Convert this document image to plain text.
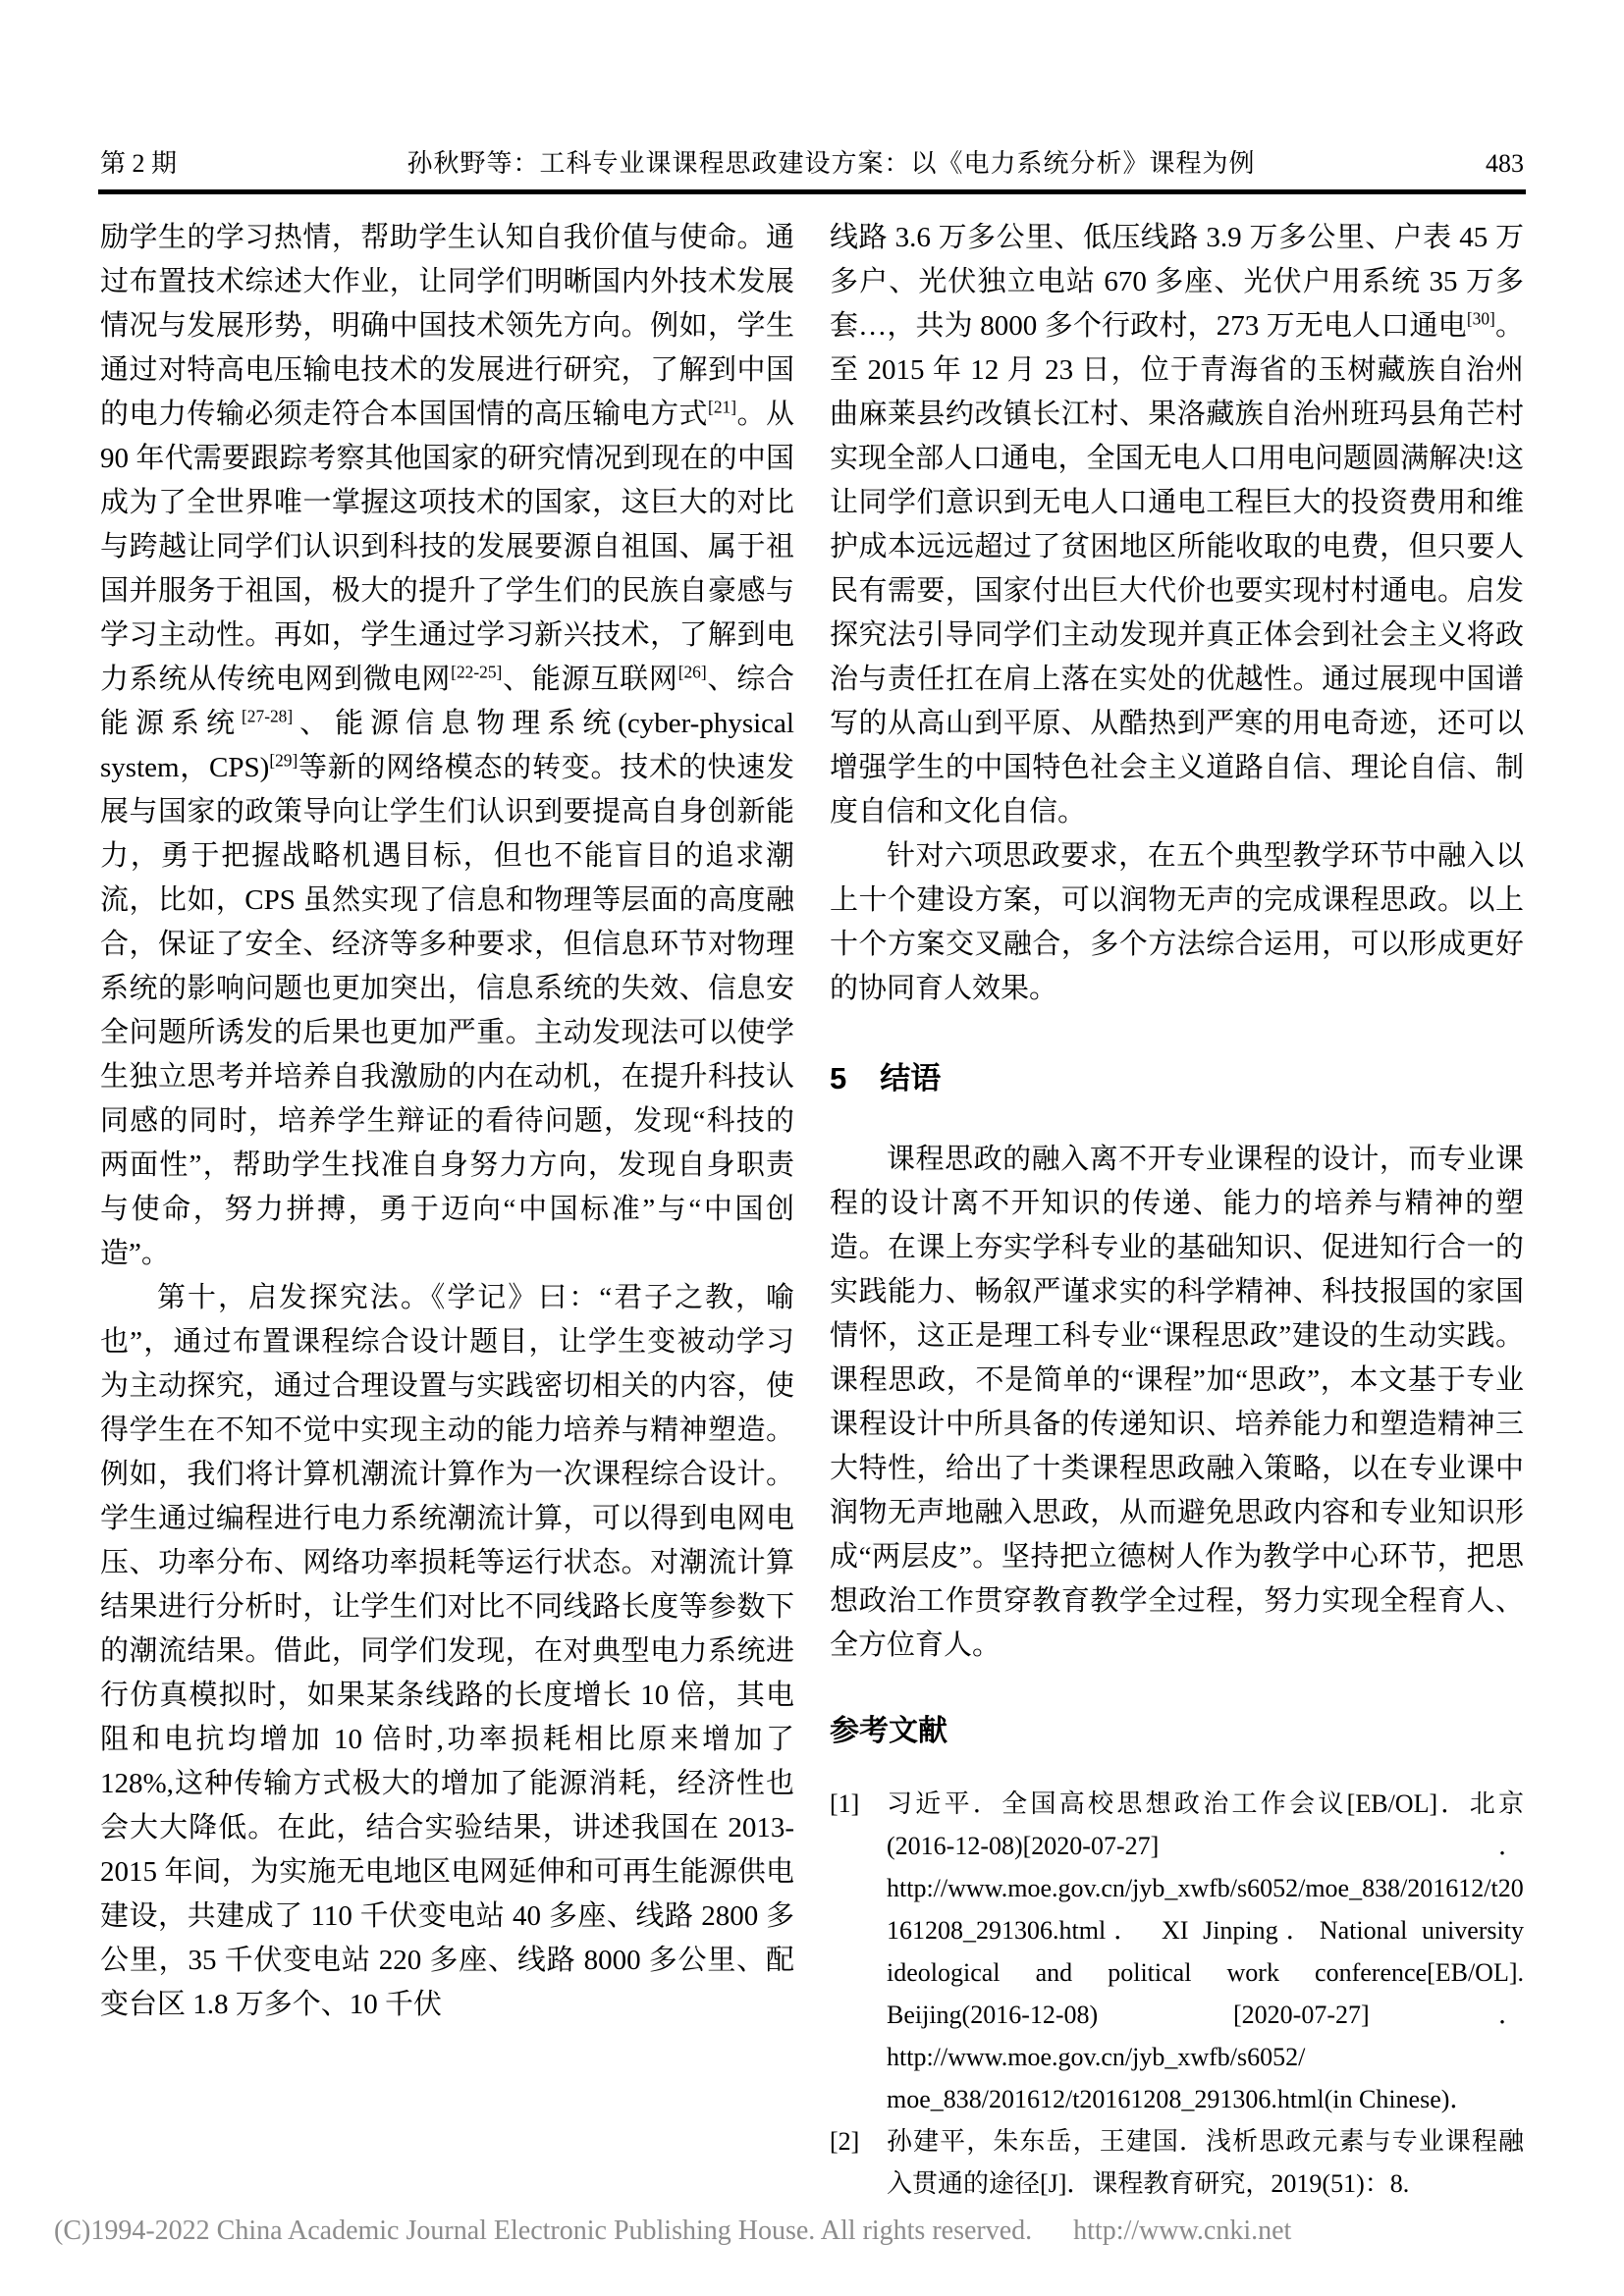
第 2 期	孙秋野等：工科专业课课程思政建设方案：以《电力系统分析》课程为例	483

励学生的学习热情，帮助学生认知自我价值与使命。通过布置技术综述大作业，让同学们明晰国内外技术发展情况与发展形势，明确中国技术领先方向。例如，学生通过对特高电压输电技术的发展进行研究，了解到中国的电力传输必须走符合本国国情的高压输电方式[21]。从 90 年代需要跟踪考察其他国家的研究情况到现在的中国成为了全世界唯一掌握这项技术的国家，这巨大的对比与跨越让同学们认识到科技的发展要源自祖国、属于祖国并服务于祖国，极大的提升了学生们的民族自豪感与学习主动性。再如，学生通过学习新兴技术，了解到电力系统从传统电网到微电网[22-25]、能源互联网[26]、综合能源系统[27-28]、能源信息物理系统(cyber-physical system，CPS)[29]等新的网络模态的转变。技术的快速发展与国家的政策导向让学生们认识到要提高自身创新能力，勇于把握战略机遇目标，但也不能盲目的追求潮流，比如，CPS 虽然实现了信息和物理等层面的高度融合，保证了安全、经济等多种要求，但信息环节对物理系统的影响问题也更加突出，信息系统的失效、信息安全问题所诱发的后果也更加严重。主动发现法可以使学生独立思考并培养自我激励的内在动机，在提升科技认同感的同时，培养学生辩证的看待问题，发现“科技的两面性”，帮助学生找准自身努力方向，发现自身职责与使命，努力拼搏，勇于迈向“中国标准”与“中国创造”。

第十，启发探究法。《学记》曰：“君子之教，喻也”，通过布置课程综合设计题目，让学生变被动学习为主动探究，通过合理设置与实践密切相关的内容，使得学生在不知不觉中实现主动的能力培养与精神塑造。例如，我们将计算机潮流计算作为一次课程综合设计。学生通过编程进行电力系统潮流计算，可以得到电网电压、功率分布、网络功率损耗等运行状态。对潮流计算结果进行分析时，让学生们对比不同线路长度等参数下的潮流结果。借此，同学们发现，在对典型电力系统进行仿真模拟时，如果某条线路的长度增长 10 倍，其电阻和电抗均增加 10 倍时,功率损耗相比原来增加了 128%,这种传输方式极大的增加了能源消耗，经济性也会大大降低。在此，结合实验结果，讲述我国在 2013-2015 年间，为实施无电地区电网延伸和可再生能源供电建设，共建成了 110 千伏变电站 40 多座、线路 2800 多公里，35 千伏变电站 220 多座、线路 8000 多公里、配变台区 1.8 万多个、10 千伏

线路 3.6 万多公里、低压线路 3.9 万多公里、户表 45 万多户、光伏独立电站 670 多座、光伏户用系统 35 万多套…，共为 8000 多个行政村，273 万无电人口通电[30]。至 2015 年 12 月 23 日，位于青海省的玉树藏族自治州曲麻莱县约改镇长江村、果洛藏族自治州班玛县角芒村实现全部人口通电，全国无电人口用电问题圆满解决!这让同学们意识到无电人口通电工程巨大的投资费用和维护成本远远超过了贫困地区所能收取的电费，但只要人民有需要，国家付出巨大代价也要实现村村通电。启发探究法引导同学们主动发现并真正体会到社会主义将政治与责任扛在肩上落在实处的优越性。通过展现中国谱写的从高山到平原、从酷热到严寒的用电奇迹，还可以增强学生的中国特色社会主义道路自信、理论自信、制度自信和文化自信。

针对六项思政要求，在五个典型教学环节中融入以上十个建设方案，可以润物无声的完成课程思政。以上十个方案交叉融合，多个方法综合运用，可以形成更好的协同育人效果。

5 结语

课程思政的融入离不开专业课程的设计，而专业课程的设计离不开知识的传递、能力的培养与精神的塑造。在课上夯实学科专业的基础知识、促进知行合一的实践能力、畅叙严谨求实的科学精神、科技报国的家国情怀，这正是理工科专业“课程思政”建设的生动实践。课程思政，不是简单的“课程”加“思政”，本文基于专业课程设计中所具备的传递知识、培养能力和塑造精神三大特性，给出了十类课程思政融入策略，以在专业课中润物无声地融入思政，从而避免思政内容和专业知识形成“两层皮”。坚持把立德树人作为教学中心环节，把思想政治工作贯穿教育教学全过程，努力实现全程育人、全方位育人。

参考文献
[1]	习近平．全国高校思想政治工作会议[EB/OL]．北京(2016-12-08)[2020-07-27]． http://www.moe.gov.cn/jyb_xwfb/s6052/moe_838/201612/t20161208_291306.html． XI Jinping．National university ideological and political work conference[EB/OL]. Beijing(2016-12-08) [2020-07-27]．http://www.moe.gov.cn/jyb_xwfb/s6052/ moe_838/201612/t20161208_291306.html(in Chinese)．
[2]	孙建平，朱东岳，王建国．浅析思政元素与专业课程融入贯通的途径[J]．课程教育研究，2019(51)：8.
(C)1994-2022 China Academic Journal Electronic Publishing House. All rights reserved. http://www.cnki.net
